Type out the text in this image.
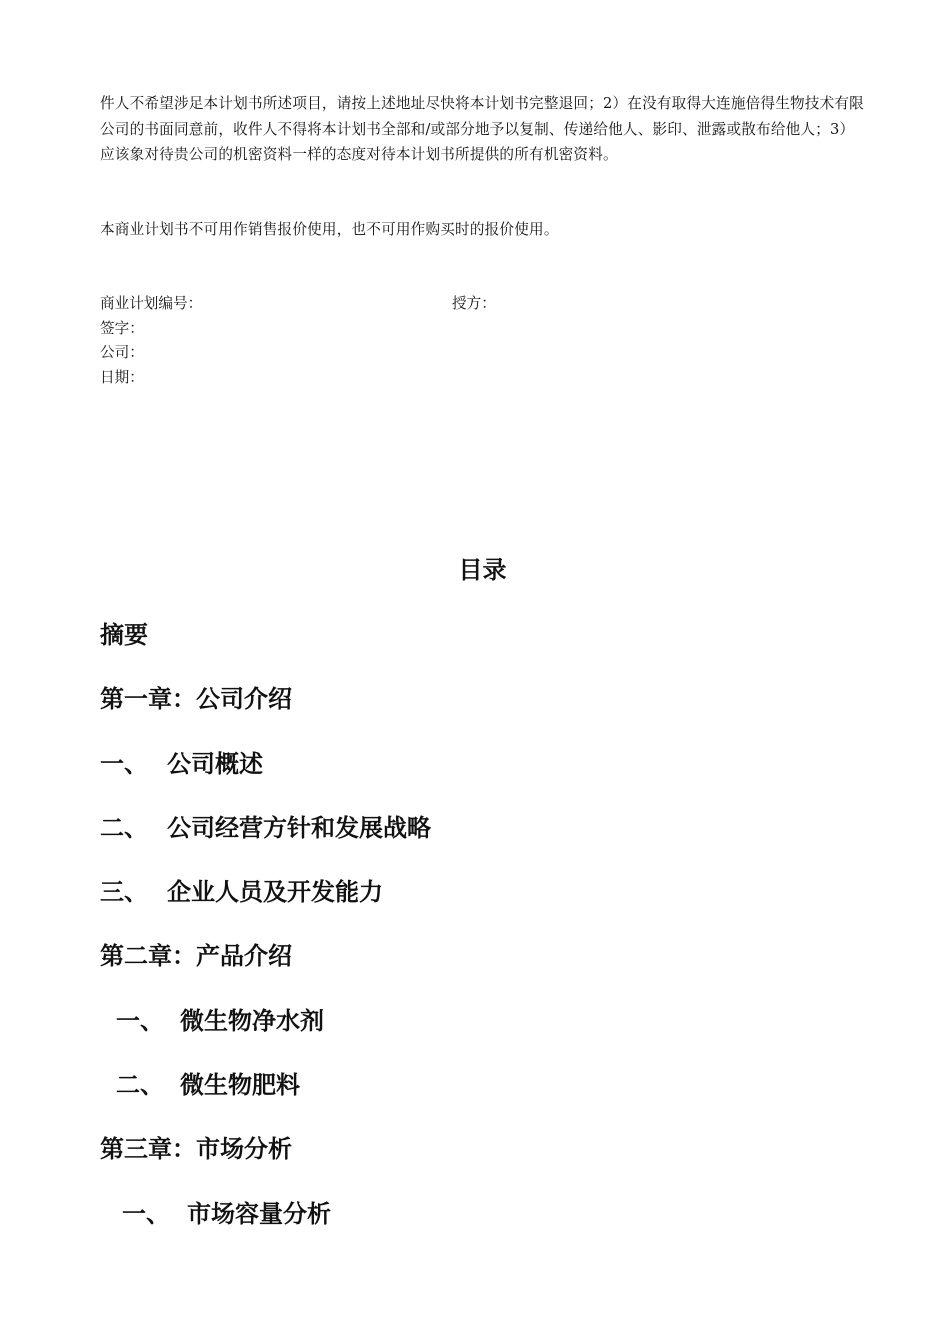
件人不希望涉足本计划书所述项目，请按上述地址尽快将本计划书完整退回；2）在没有取得大连施倍得生物技术有限公司的书面同意前，收件人不得将本计划书全部和/或部分地予以复制、传递给他人、影印、泄露或散布给他人；3）应该象对待贵公司的机密资料一样的态度对待本计划书所提供的所有机密资料。

本商业计划书不可用作销售报价使用，也不可用作购买时的报价使用。

商业计划编号：	授方：

签字：

公司：

日期：

目录
摘要
第一章：公司介绍
一、 公司概述
二、 公司经营方针和发展战略
三、 企业人员及开发能力
第二章：产品介绍
一、 微生物净水剂
二、 微生物肥料
第三章：市场分析
一、 市场容量分析
